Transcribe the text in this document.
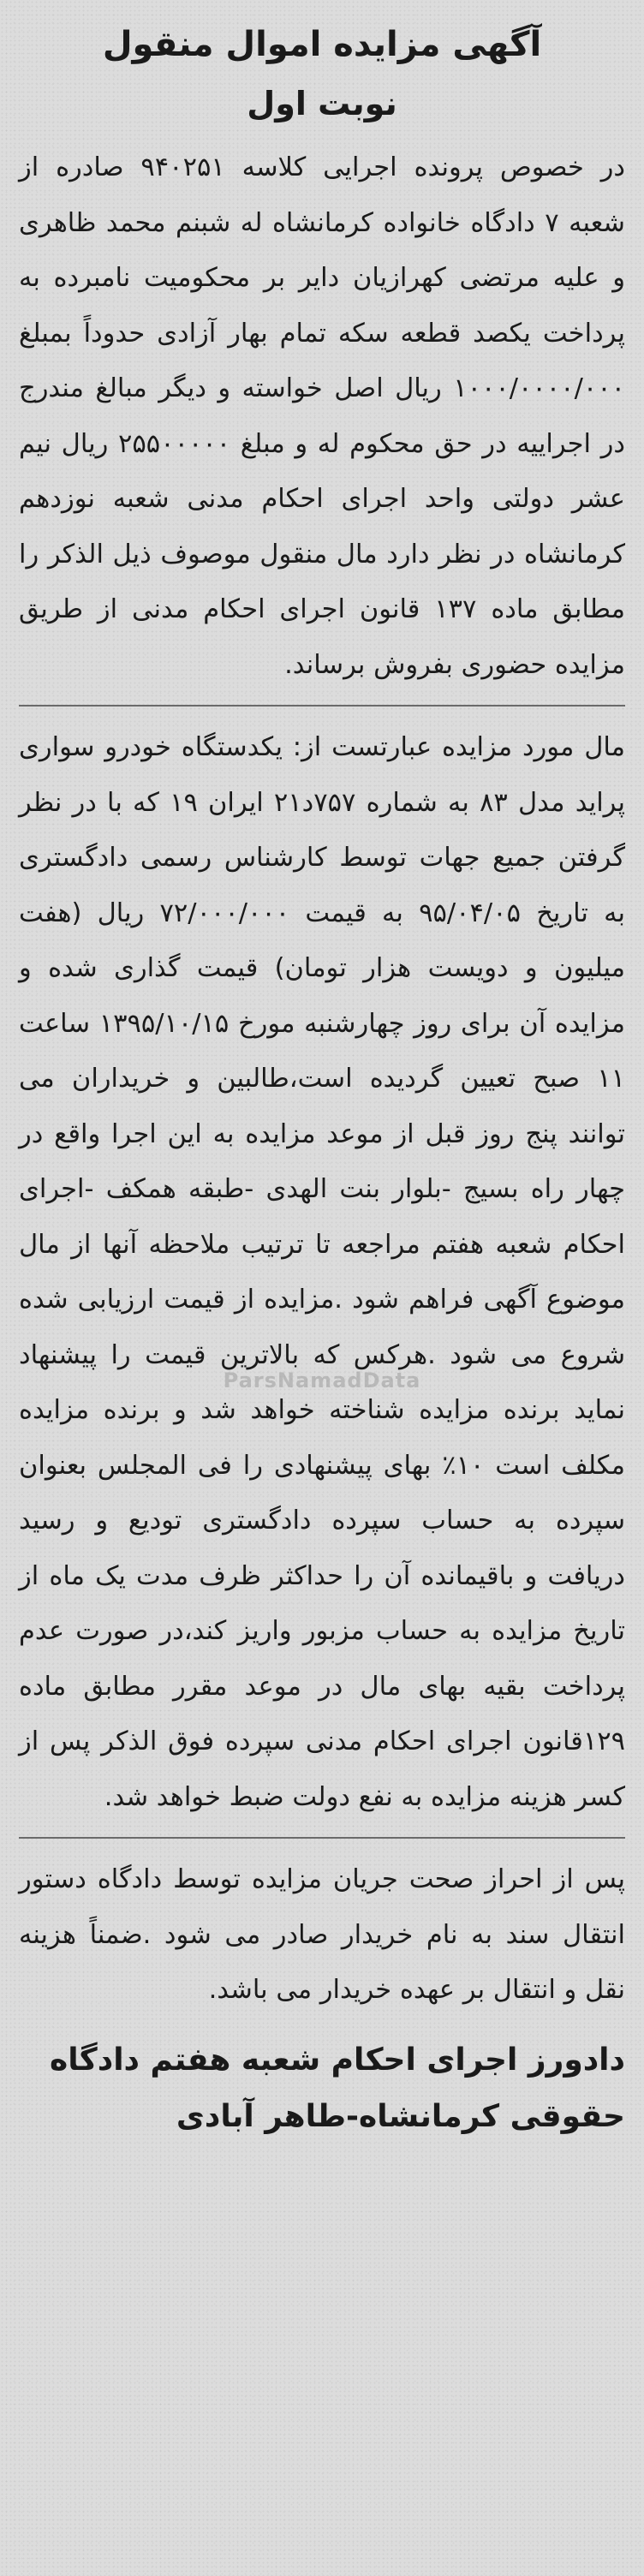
آگهی مزایده اموال منقول
نوبت اول

در خصوص پرونده اجرایی کلاسه ۹۴۰۲۵۱ صادره از شعبه ۷ دادگاه خانواده کرمانشاه له شبنم محمد ظاهری و علیه مرتضی کهرازیان دایر بر محکومیت نامبرده به پرداخت یکصد قطعه سکه تمام بهار آزادی حدوداً بمبلغ ۱۰۰۰/۰۰۰۰/۰۰۰ ریال اصل خواسته و دیگر مبالغ مندرج در اجراییه در حق محکوم له و مبلغ ۲۵۵۰۰۰۰۰ ریال نیم عشر دولتی واحد اجرای احکام مدنی شعبه نوزدهم کرمانشاه در نظر دارد مال منقول موصوف ذیل الذکر را مطابق ماده ۱۳۷ قانون اجرای احکام مدنی از طریق مزایده حضوری بفروش برساند.

مال مورد مزایده عبارتست از: یکدستگاه خودرو سواری پراید مدل ۸۳ به شماره ۷۵۷د۲۱ ایران ۱۹ که با در نظر گرفتن جمیع جهات توسط کارشناس رسمی دادگستری به تاریخ ۹۵/۰۴/۰۵ به قیمت ۷۲/۰۰۰/۰۰۰ ریال (هفت میلیون و دویست هزار تومان) قیمت گذاری شده و مزایده آن برای روز چهارشنبه مورخ ۱۳۹۵/۱۰/۱۵ ساعت ۱۱ صبح تعیین گردیده است،طالبین و خریداران می توانند پنج روز قبل از موعد مزایده به این اجرا واقع در چهار راه بسیج -بلوار بنت الهدی -طبقه همکف -اجرای احکام شعبه هفتم مراجعه تا ترتیب ملاحظه آنها از مال موضوع آگهی فراهم شود .مزایده از قیمت ارزیابی شده شروع می شود .هرکس که بالاترین قیمت را پیشنهاد نماید برنده مزایده شناخته خواهد شد و برنده مزایده مکلف است ۱۰٪ بهای پیشنهادی را فی المجلس بعنوان سپرده به حساب سپرده دادگستری تودیع و رسید دریافت و باقیمانده آن را حداکثر ظرف مدت یک ماه از تاریخ مزایده به حساب مزبور واریز کند،در صورت عدم پرداخت بقیه بهای مال در موعد مقرر مطابق ماده ۱۲۹قانون اجرای احکام مدنی سپرده فوق الذکر پس از کسر هزینه مزایده به نفع دولت ضبط خواهد شد.

پس از احراز صحت جریان مزایده توسط دادگاه دستور انتقال سند به نام خریدار صادر می شود .ضمناً هزینه نقل و انتقال بر عهده خریدار می باشد.

دادورز اجرای احکام شعبه هفتم دادگاه
حقوقی کرمانشاه-طاهر آبادی
ParsNamadData
